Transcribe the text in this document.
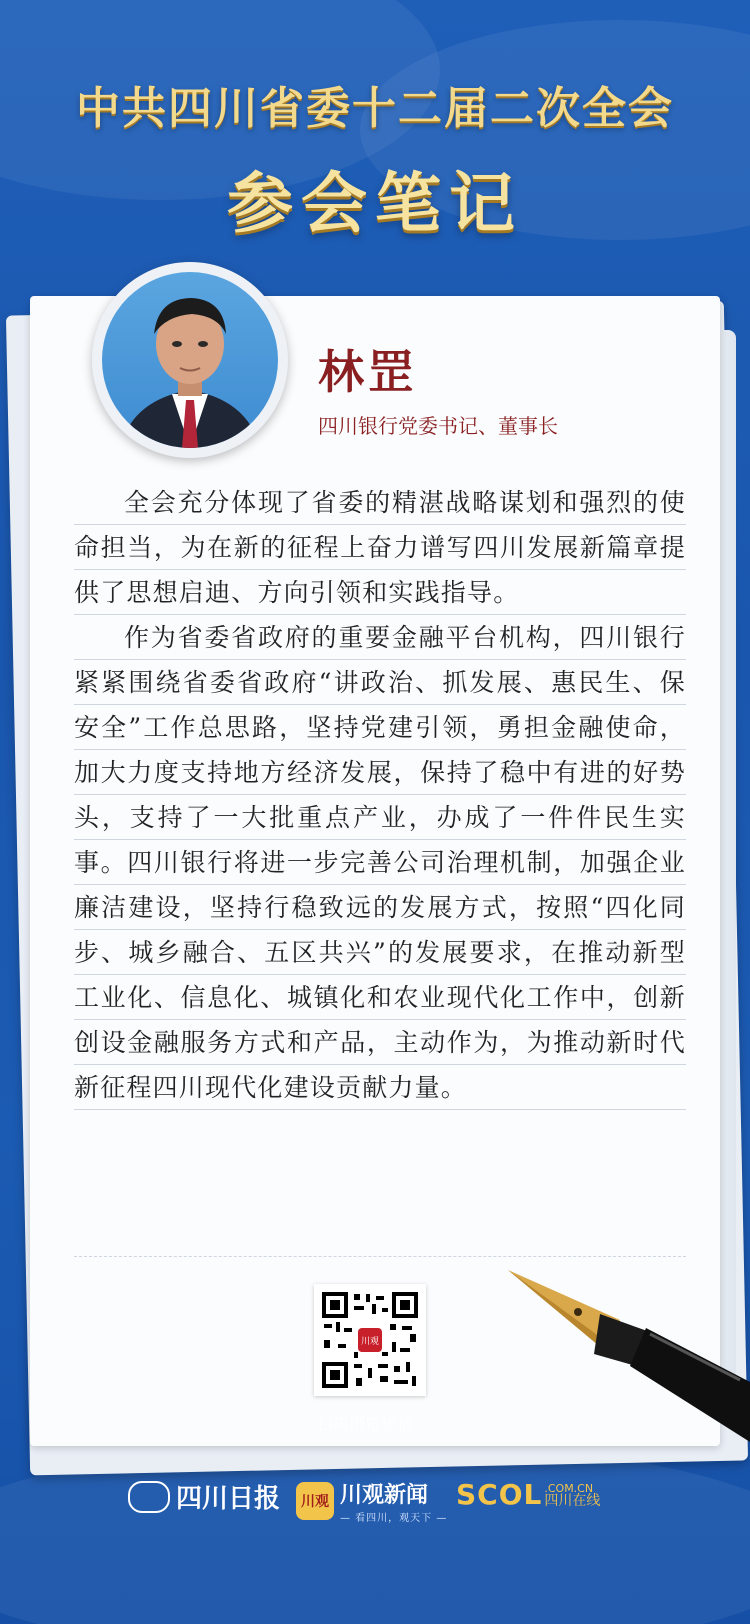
中共四川省委十二届二次全会
参会笔记
林罡
四川银行党委书记、董事长

全会充分体现了省委的精湛战略谋划和强烈的使命担当，为在新的征程上奋力谱写四川发展新篇章提供了思想启迪、方向引领和实践指导。

作为省委省政府的重要金融平台机构，四川银行紧紧围绕省委省政府“讲政治、抓发展、惠民生、保安全”工作总思路，坚持党建引领，勇担金融使命，加大力度支持地方经济发展，保持了稳中有进的好势头，支持了一大批重点产业，办成了一件件民生实事。四川银行将进一步完善公司治理机制，加强企业廉洁建设，坚持行稳致远的发展方式，按照“四化同步、城乡融合、五区共兴”的发展要求，在推动新型工业化、信息化、城镇化和农业现代化工作中，创新创设金融服务方式和产品，主动作为，为推动新时代新征程四川现代化建设贡献力量。

川观
扫码浏览详情
四川日报	川观 川观新闻
— 看四川，观天下 —
SCOL .COM.CN
四川在线
